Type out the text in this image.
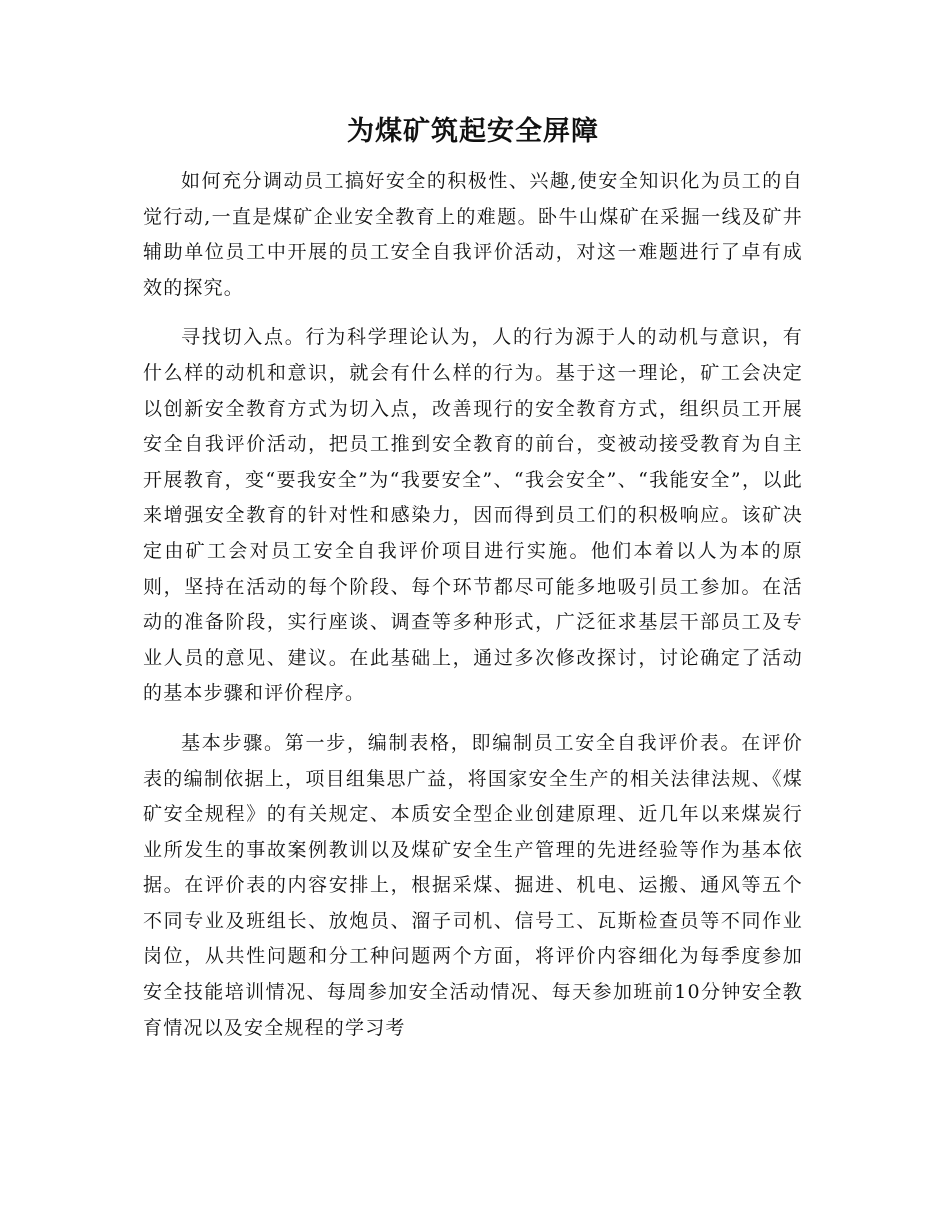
为煤矿筑起安全屏障

如何充分调动员工搞好安全的积极性、兴趣,使安全知识化为员工的自觉行动,一直是煤矿企业安全教育上的难题。卧牛山煤矿在采掘一线及矿井辅助单位员工中开展的员工安全自我评价活动，对这一难题进行了卓有成效的探究。

寻找切入点。行为科学理论认为，人的行为源于人的动机与意识，有什么样的动机和意识，就会有什么样的行为。基于这一理论，矿工会决定以创新安全教育方式为切入点，改善现行的安全教育方式，组织员工开展安全自我评价活动，把员工推到安全教育的前台，变被动接受教育为自主开展教育，变“要我安全”为“我要安全”、“我会安全”、“我能安全”，以此来增强安全教育的针对性和感染力，因而得到员工们的积极响应。该矿决定由矿工会对员工安全自我评价项目进行实施。他们本着以人为本的原则，坚持在活动的每个阶段、每个环节都尽可能多地吸引员工参加。在活动的准备阶段，实行座谈、调查等多种形式，广泛征求基层干部员工及专业人员的意见、建议。在此基础上，通过多次修改探讨，讨论确定了活动的基本步骤和评价程序。

基本步骤。第一步，编制表格，即编制员工安全自我评价表。在评价表的编制依据上，项目组集思广益，将国家安全生产的相关法律法规、《煤矿安全规程》的有关规定、本质安全型企业创建原理、近几年以来煤炭行业所发生的事故案例教训以及煤矿安全生产管理的先进经验等作为基本依据。在评价表的内容安排上，根据采煤、掘进、机电、运搬、通风等五个不同专业及班组长、放炮员、溜子司机、信号工、瓦斯检查员等不同作业岗位，从共性问题和分工种问题两个方面，将评价内容细化为每季度参加安全技能培训情况、每周参加安全活动情况、每天参加班前10分钟安全教育情况以及安全规程的学习考
